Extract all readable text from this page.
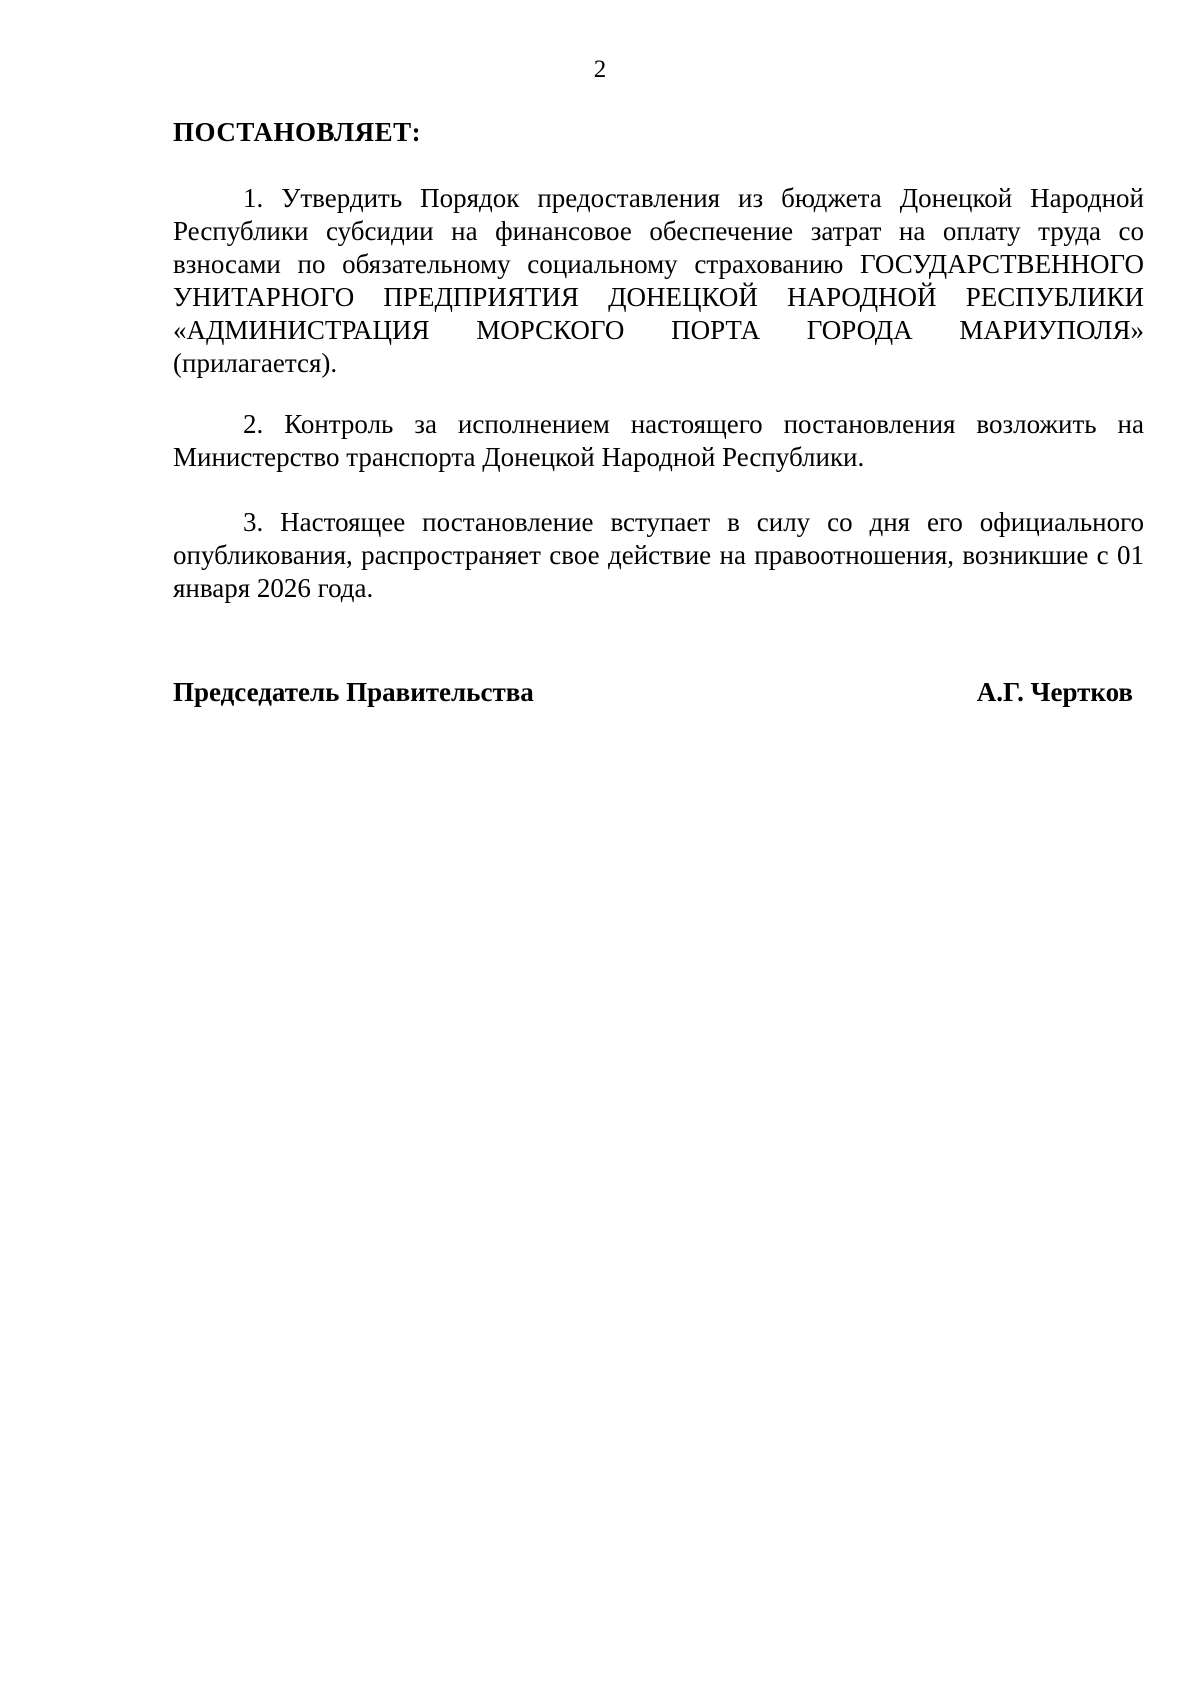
2
ПОСТАНОВЛЯЕТ:

1. Утвердить Порядок предоставления из бюджета Донецкой Народной Республики субсидии на финансовое обеспечение затрат на оплату труда со взносами по обязательному социальному страхованию ГОСУДАРСТВЕННОГО УНИТАРНОГО ПРЕДПРИЯТИЯ ДОНЕЦКОЙ НАРОДНОЙ РЕСПУБЛИКИ «АДМИНИСТРАЦИЯ МОРСКОГО ПОРТА ГОРОДА МАРИУПОЛЯ» (прилагается).

2. Контроль за исполнением настоящего постановления возложить на Министерство транспорта Донецкой Народной Республики.

3. Настоящее постановление вступает в силу со дня его официального опубликования, распространяет свое действие на правоотношения, возникшие с 01 января 2026 года.

Председатель Правительства	А.Г. Чертков
